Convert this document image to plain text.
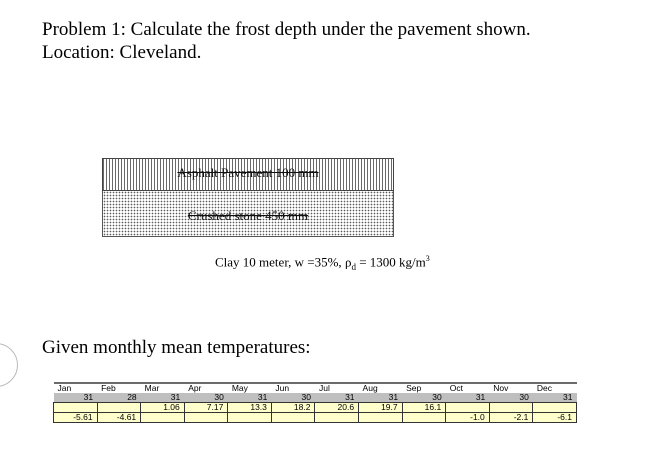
Problem 1: Calculate the frost depth under the pavement shown.
Location: Cleveland.
Asphalt Pavement 100 mm
Crushed stone 450 mm
Clay 10 meter, w =35%, $\rho_d = 1300$ $kg/m^3$
Given monthly mean temperatures:
Jan	Feb	Mar	Apr	May	Jun	Jul	Aug	Sep	Oct	Nov	Dec
31	28	31	30	31	30	31	31	30	31	30	31
		1.06	7.17	13.3	18.2	20.6	19.7	16.1			
-5.61	-4.61								-1.0	-2.1	-6.1
